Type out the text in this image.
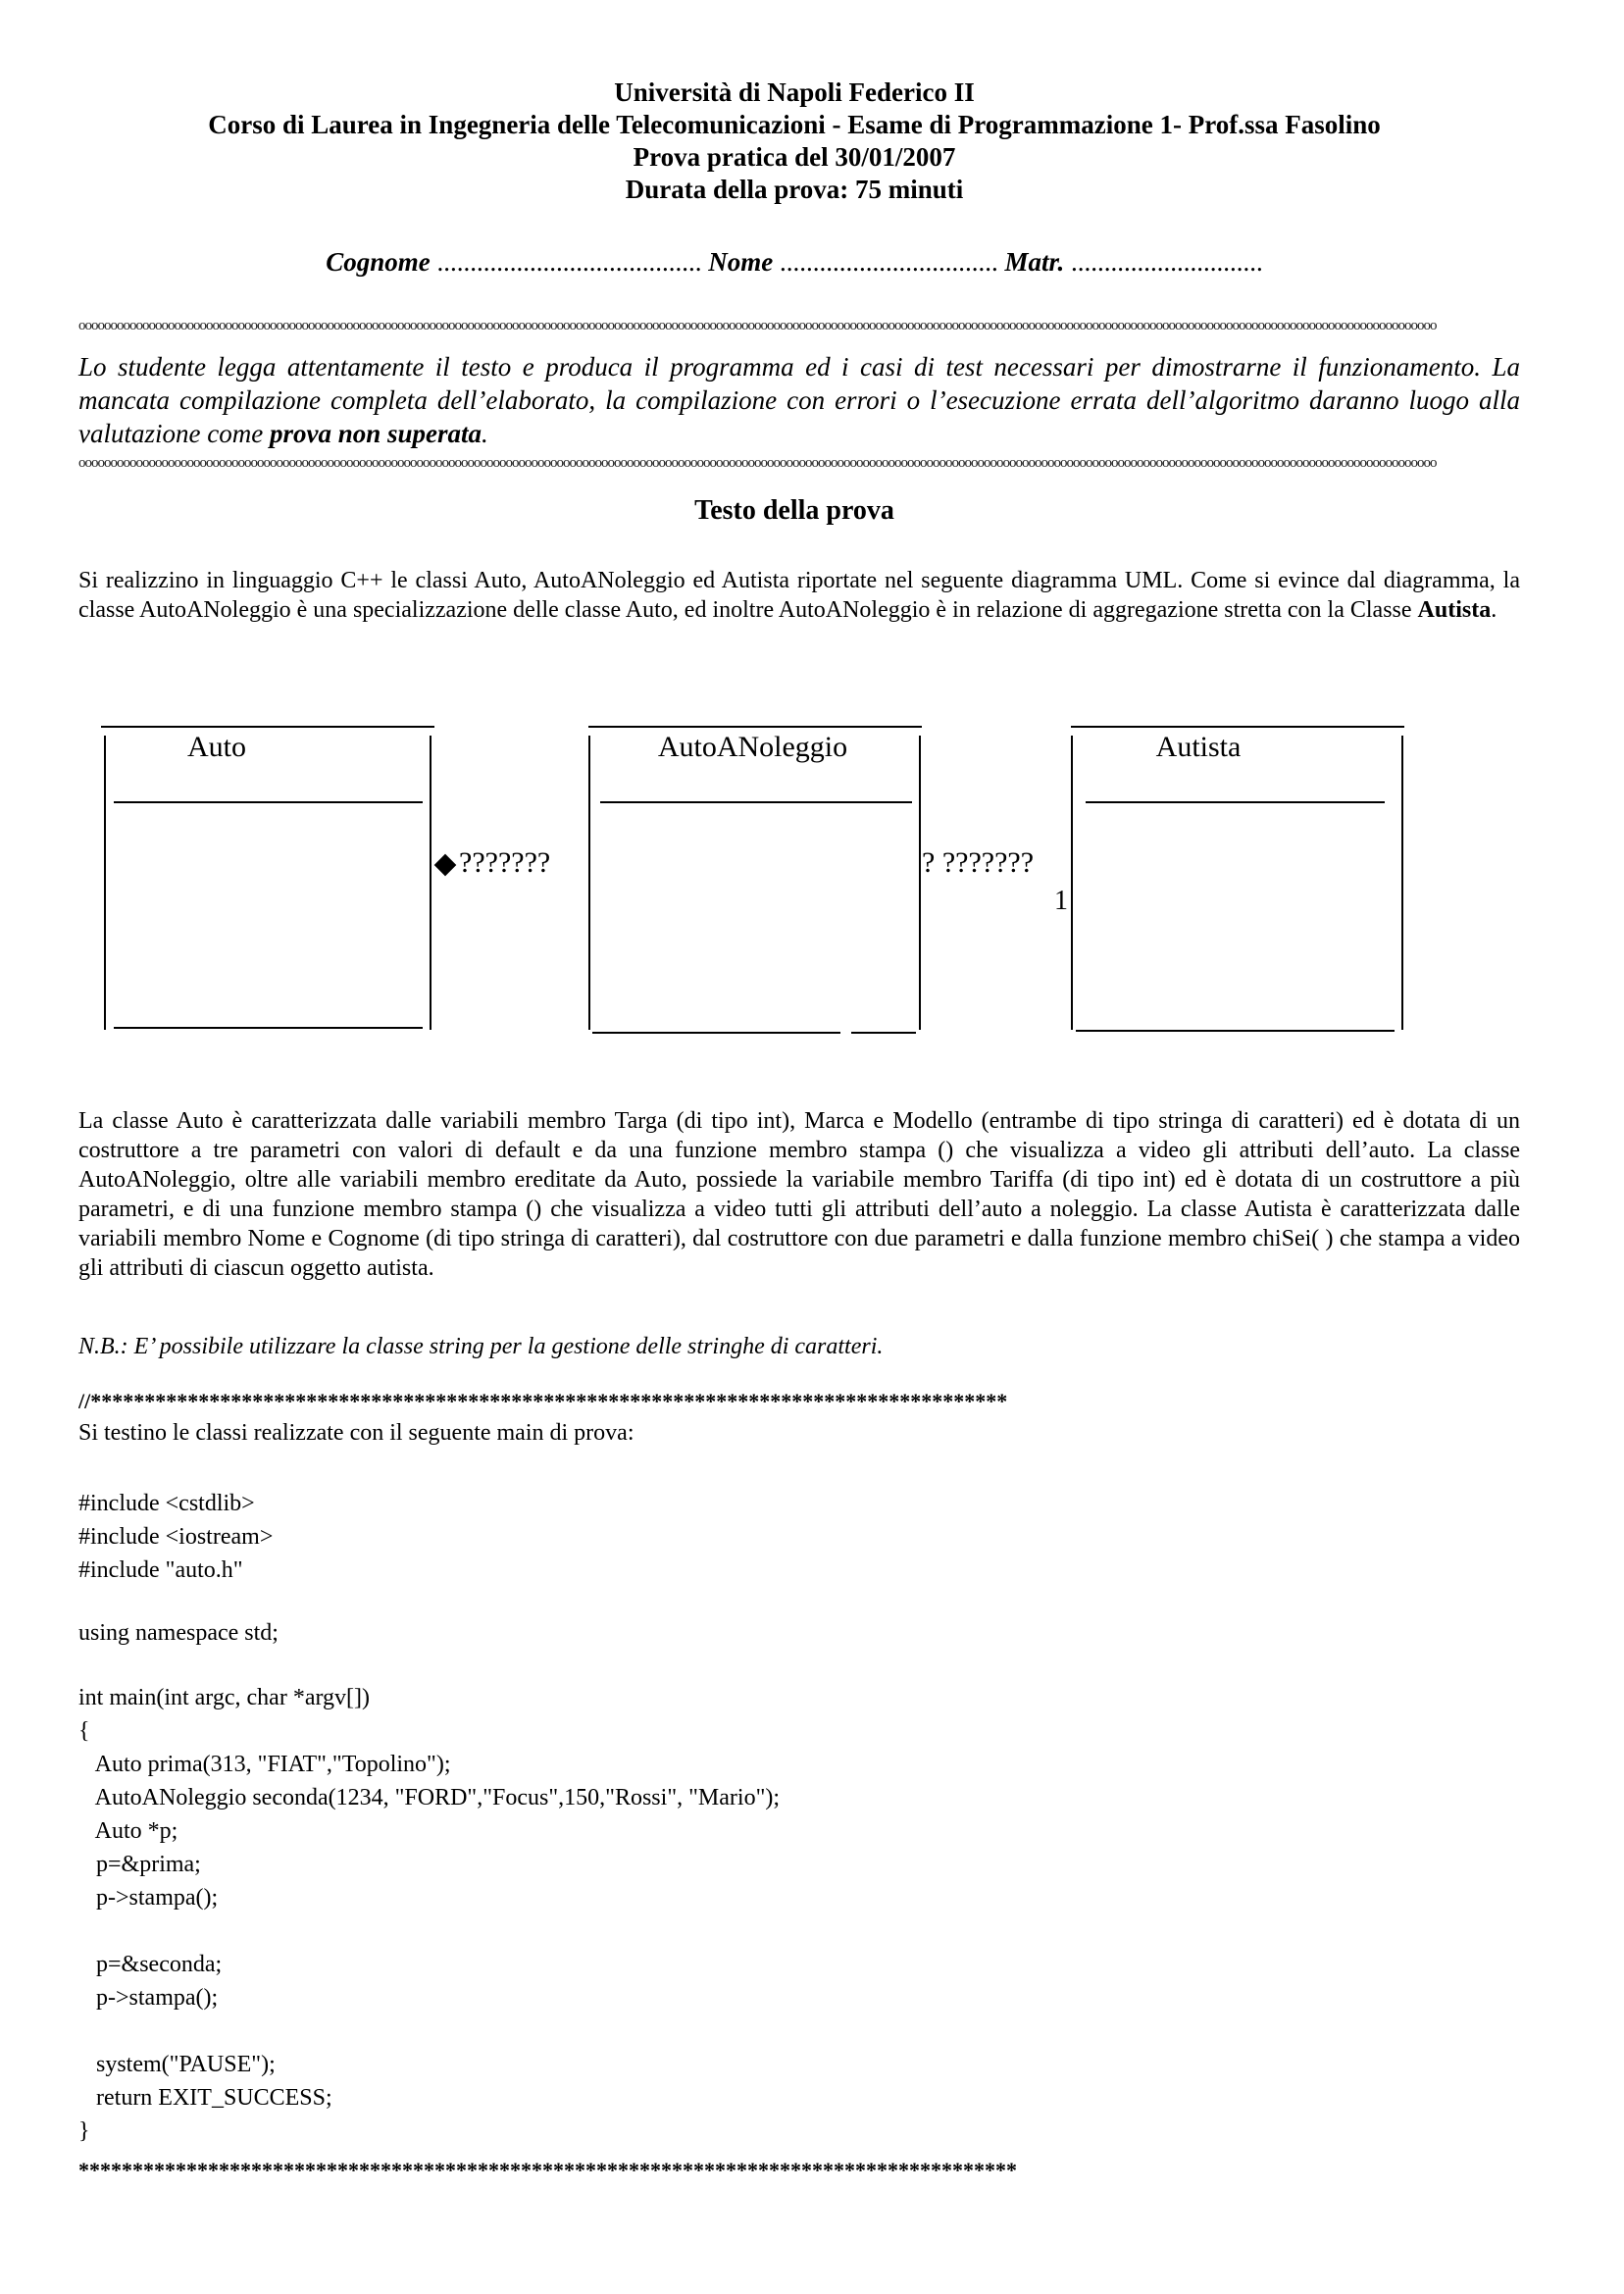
Università di Napoli Federico II
Corso di Laurea in Ingegneria delle Telecomunicazioni - Esame di Programmazione 1- Prof.ssa Fasolino
Prova pratica del 30/01/2007
Durata della prova: 75 minuti
Cognome ........................................ Nome ................................. Matr. .............................
ooooooooooooooooooooooooooooooooooooooooooooooooooooooooooooooooooooooooooooooooooooooooooooooooooooooooooooooooooooooooooooooooooooooooooooooooooooooooooooooooooooooooooooooooooooooooooooooooooooooooooooooooooooo
Lo studente legga attentamente il testo e produca il programma ed i casi di test necessari per dimostrarne il funzionamento. La mancata compilazione completa dell’elaborato, la compilazione con errori o l’esecuzione errata dell’algoritmo daranno luogo alla valutazione come prova non superata.
ooooooooooooooooooooooooooooooooooooooooooooooooooooooooooooooooooooooooooooooooooooooooooooooooooooooooooooooooooooooooooooooooooooooooooooooooooooooooooooooooooooooooooooooooooooooooooooooooooooooooooooooooooooo
Testo della prova
Si realizzino in linguaggio C++ le classi Auto, AutoANoleggio ed Autista riportate nel seguente diagramma UML. Come si evince dal diagramma, la classe AutoANoleggio è una specializzazione delle classe Auto, ed inoltre AutoANoleggio è in relazione di aggregazione stretta con la Classe Autista.
Auto	AutoANoleggio	Autista
???????	? ???????
1
La classe Auto è caratterizzata dalle variabili membro Targa (di tipo int), Marca e Modello (entrambe di tipo stringa di caratteri) ed è dotata di un costruttore a tre parametri con valori di default e da una funzione membro stampa () che visualizza a video gli attributi dell’auto. La classe AutoANoleggio, oltre alle variabili membro ereditate da Auto, possiede la variabile membro Tariffa (di tipo int) ed è dotata di un costruttore a più parametri, e di una funzione membro stampa () che visualizza a video tutti gli attributi dell’auto a noleggio. La classe Autista è caratterizzata dalle variabili membro Nome e Cognome (di tipo stringa di caratteri), dal costruttore con due parametri e dalla funzione membro chiSei( ) che stampa a video gli attributi di ciascun oggetto autista.
N.B.: E’ possibile utilizzare la classe string per la gestione delle stringhe di caratteri.
//*************************************************************************************
Si testino le classi realizzate con il seguente main di prova:
#include <cstdlib>
#include <iostream>
#include "auto.h"
using namespace std;
int main(int argc, char *argv[])
{
Auto prima(313, "FIAT","Topolino");
AutoANoleggio seconda(1234, "FORD","Focus",150,"Rossi", "Mario");
Auto *p;
p=&prima;
p->stampa();

p=&seconda;
p->stampa();

system("PAUSE");
return EXIT_SUCCESS;
}
***************************************************************************************
